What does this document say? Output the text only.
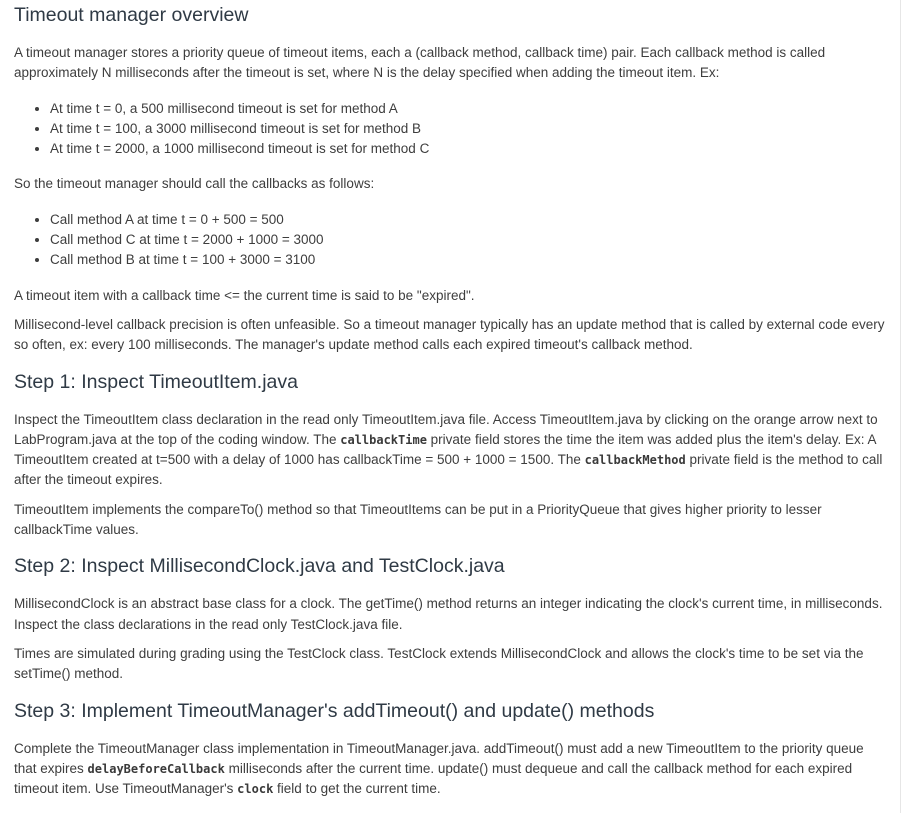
Timeout manager overview

A timeout manager stores a priority queue of timeout items, each a (callback method, callback time) pair. Each callback method is called approximately N milliseconds after the timeout is set, where N is the delay specified when adding the timeout item. Ex:

• At time t = 0, a 500 millisecond timeout is set for method A
• At time t = 100, a 3000 millisecond timeout is set for method B
• At time t = 2000, a 1000 millisecond timeout is set for method C

So the timeout manager should call the callbacks as follows:

• Call method A at time t = 0 + 500 = 500
• Call method C at time t = 2000 + 1000 = 3000
• Call method B at time t = 100 + 3000 = 3100

A timeout item with a callback time <= the current time is said to be "expired".

Millisecond-level callback precision is often unfeasible. So a timeout manager typically has an update method that is called by external code every so often, ex: every 100 milliseconds. The manager's update method calls each expired timeout's callback method.

Step 1: Inspect TimeoutItem.java

Inspect the TimeoutItem class declaration in the read only TimeoutItem.java file. Access TimeoutItem.java by clicking on the orange arrow next to LabProgram.java at the top of the coding window. The callbackTime private field stores the time the item was added plus the item's delay. Ex: A TimeoutItem created at t=500 with a delay of 1000 has callbackTime = 500 + 1000 = 1500. The callbackMethod private field is the method to call after the timeout expires.

TimeoutItem implements the compareTo() method so that TimeoutItems can be put in a PriorityQueue that gives higher priority to lesser callbackTime values.

Step 2: Inspect MillisecondClock.java and TestClock.java

MillisecondClock is an abstract base class for a clock. The getTime() method returns an integer indicating the clock's current time, in milliseconds. Inspect the class declarations in the read only TestClock.java file.

Times are simulated during grading using the TestClock class. TestClock extends MillisecondClock and allows the clock's time to be set via the setTime() method.

Step 3: Implement TimeoutManager's addTimeout() and update() methods

Complete the TimeoutManager class implementation in TimeoutManager.java. addTimeout() must add a new TimeoutItem to the priority queue that expires delayBeforeCallback milliseconds after the current time. update() must dequeue and call the callback method for each expired timeout item. Use TimeoutManager's clock field to get the current time.
